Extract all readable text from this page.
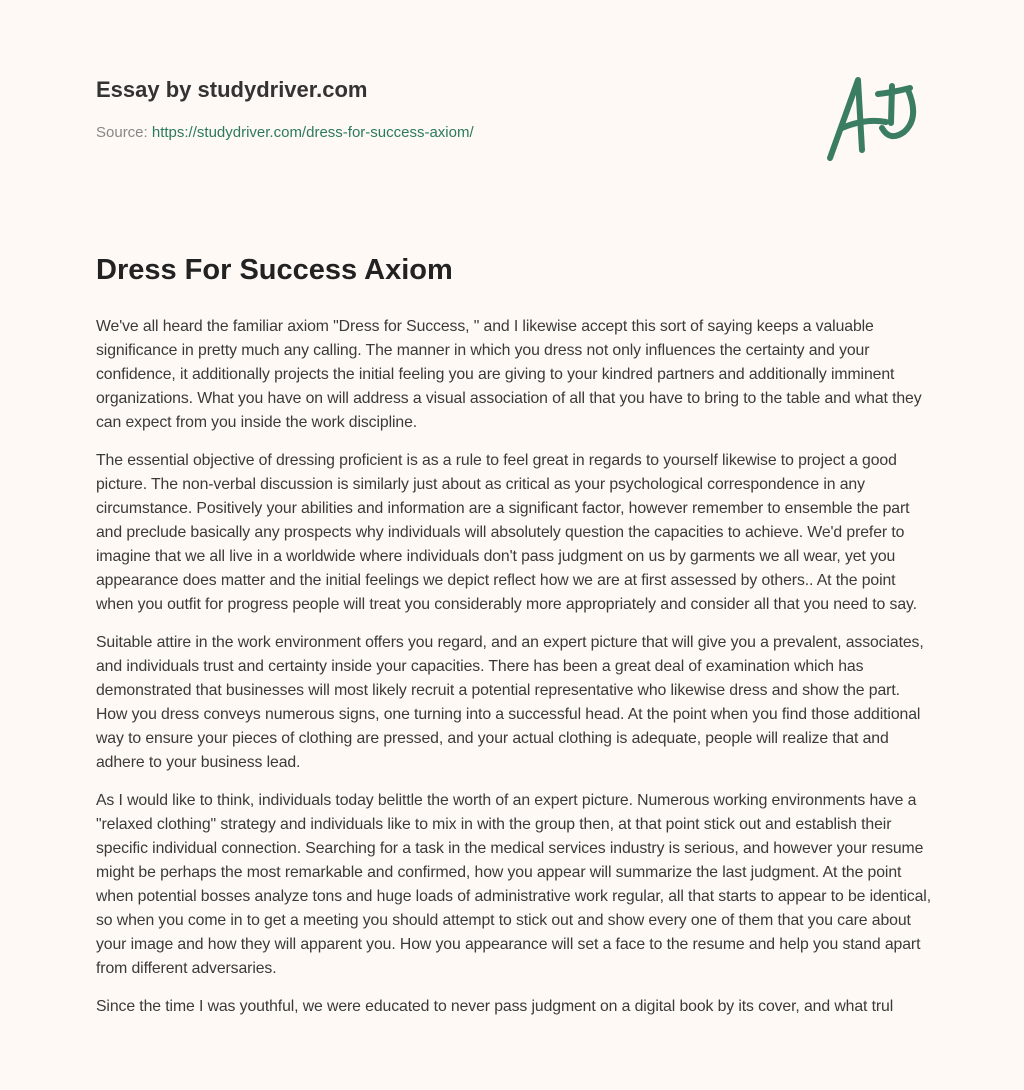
Essay by studydriver.com
Source: https://studydriver.com/dress-for-success-axiom/
Dress For Success Axiom

We've all heard the familiar axiom "Dress for Success, " and I likewise accept this sort of saying keeps a valuable significance in pretty much any calling. The manner in which you dress not only influences the certainty and your confidence, it additionally projects the initial feeling you are giving to your kindred partners and additionally imminent organizations. What you have on will address a visual association of all that you have to bring to the table and what they can expect from you inside the work discipline.

The essential objective of dressing proficient is as a rule to feel great in regards to yourself likewise to project a good picture. The non-verbal discussion is similarly just about as critical as your psychological correspondence in any circumstance. Positively your abilities and information are a significant factor, however remember to ensemble the part and preclude basically any prospects why individuals will absolutely question the capacities to achieve. We'd prefer to imagine that we all live in a worldwide where individuals don't pass judgment on us by garments we all wear, yet you appearance does matter and the initial feelings we depict reflect how we are at first assessed by others.. At the point when you outfit for progress people will treat you considerably more appropriately and consider all that you need to say.

Suitable attire in the work environment offers you regard, and an expert picture that will give you a prevalent, associates, and individuals trust and certainty inside your capacities. There has been a great deal of examination which has demonstrated that businesses will most likely recruit a potential representative who likewise dress and show the part. How you dress conveys numerous signs, one turning into a successful head. At the point when you find those additional way to ensure your pieces of clothing are pressed, and your actual clothing is adequate, people will realize that and adhere to your business lead.

As I would like to think, individuals today belittle the worth of an expert picture. Numerous working environments have a "relaxed clothing" strategy and individuals like to mix in with the group then, at that point stick out and establish their specific individual connection. Searching for a task in the medical services industry is serious, and however your resume might be perhaps the most remarkable and confirmed, how you appear will summarize the last judgment. At the point when potential bosses analyze tons and huge loads of administrative work regular, all that starts to appear to be identical, so when you come in to get a meeting you should attempt to stick out and show every one of them that you care about your image and how they will apparent you. How you appearance will set a face to the resume and help you stand apart from different adversaries.

Since the time I was youthful, we were educated to never pass judgment on a digital book by its cover, and what trul
